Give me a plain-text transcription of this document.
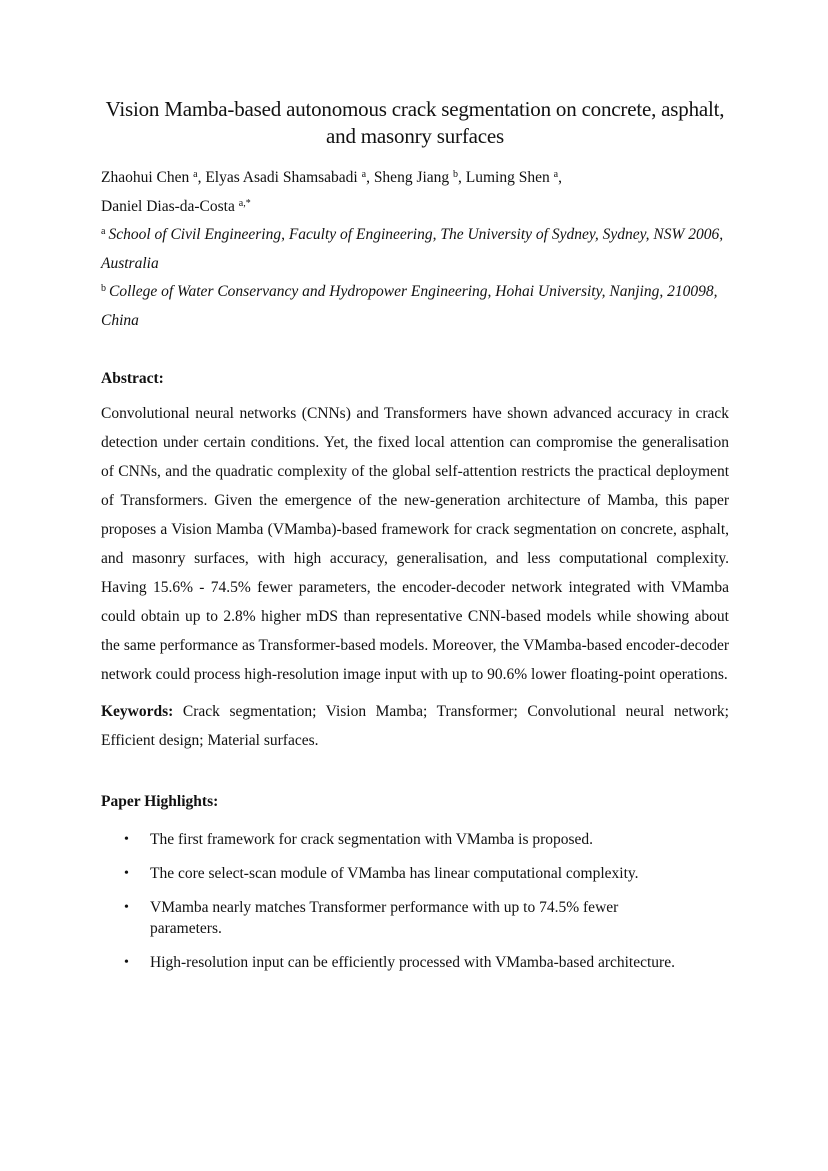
Vision Mamba-based autonomous crack segmentation on concrete, asphalt, and masonry surfaces

Zhaohui Chen $^a$, Elyas Asadi Shamsabadi $^a$, Sheng Jiang $^b$, Luming Shen $^a$,
Daniel Dias-da-Costa $^{a,*}$

$^a$ School of Civil Engineering, Faculty of Engineering, The University of Sydney, Sydney, NSW 2006, Australia

$^b$ College of Water Conservancy and Hydropower Engineering, Hohai University, Nanjing, 210098, China

Abstract:

Convolutional neural networks (CNNs) and Transformers have shown advanced accuracy in crack detection under certain conditions. Yet, the fixed local attention can compromise the generalisation of CNNs, and the quadratic complexity of the global self-attention restricts the practical deployment of Transformers. Given the emergence of the new-generation architecture of Mamba, this paper proposes a Vision Mamba (VMamba)-based framework for crack segmentation on concrete, asphalt, and masonry surfaces, with high accuracy, generalisation, and less computational complexity. Having 15.6% - 74.5% fewer parameters, the encoder-decoder network integrated with VMamba could obtain up to 2.8% higher mDS than representative CNN-based models while showing about the same performance as Transformer-based models. Moreover, the VMamba-based encoder-decoder network could process high-resolution image input with up to 90.6% lower floating-point operations.

Keywords: Crack segmentation; Vision Mamba; Transformer; Convolutional neural network; Efficient design; Material surfaces.

Paper Highlights:
• The first framework for crack segmentation with VMamba is proposed.
• The core select-scan module of VMamba has linear computational complexity.
• VMamba nearly matches Transformer performance with up to 74.5% fewer parameters.
• High-resolution input can be efficiently processed with VMamba-based architecture.
